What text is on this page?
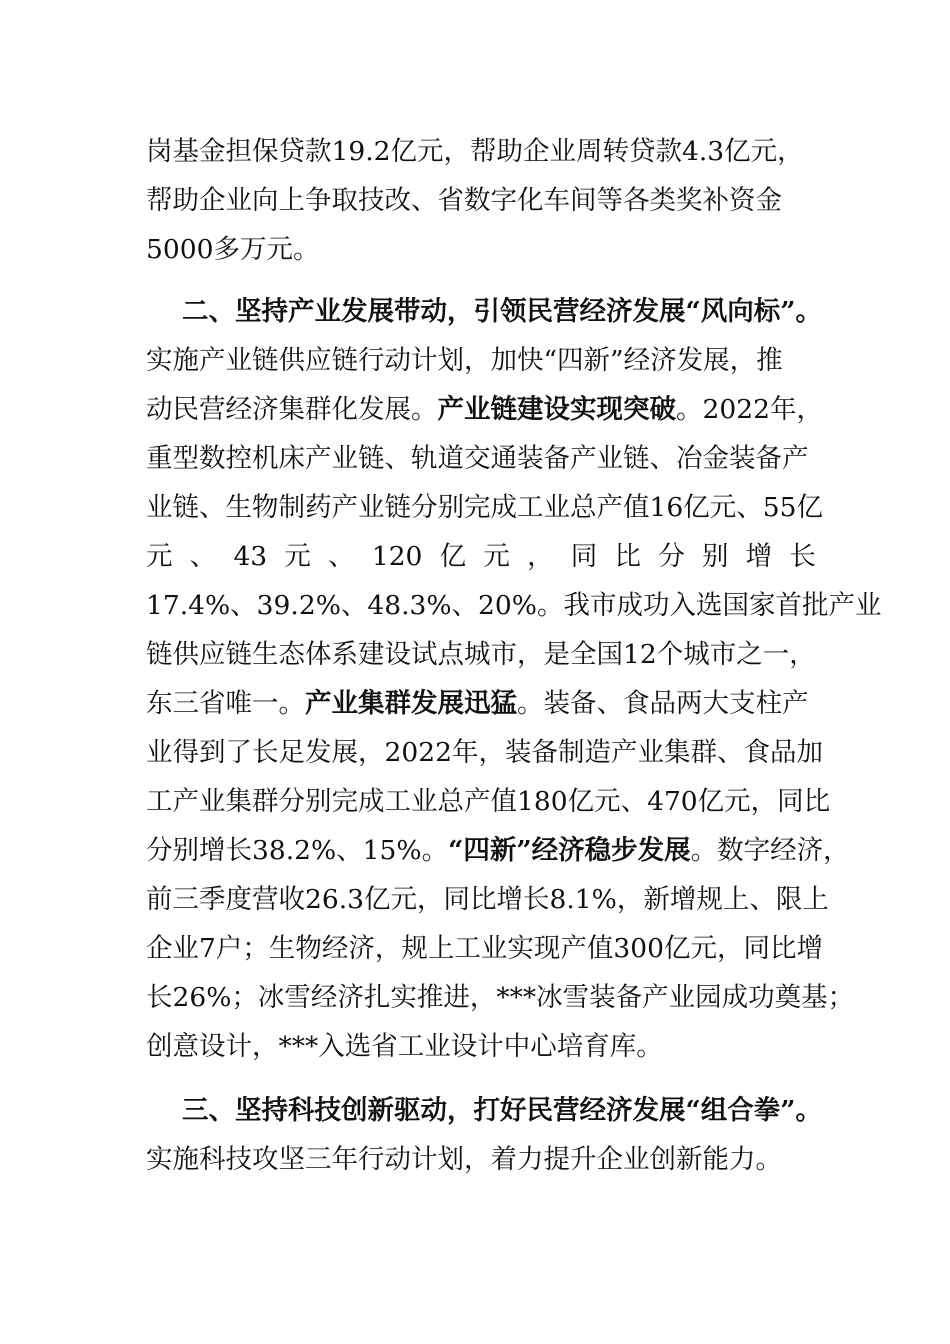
岗基金担保贷款19.2亿元，帮助企业周转贷款4.3亿元，
帮助企业向上争取技改、省数字化车间等各类奖补资金
5000多万元。
二、坚持产业发展带动，引领民营经济发展“风向标”。
实施产业链供应链行动计划，加快“四新”经济发展，推
动民营经济集群化发展。产业链建设实现突破。2022年，
重型数控机床产业链、轨道交通装备产业链、冶金装备产
业链、生物制药产业链分别完成工业总产值16亿元、55亿
元 、 43 元 、 120 亿 元 ， 同 比 分 别 增 长
17.4%、39.2%、48.3%、20%。我市成功入选国家首批产业
链供应链生态体系建设试点城市，是全国12个城市之一，
东三省唯一。产业集群发展迅猛。装备、食品两大支柱产
业得到了长足发展，2022年，装备制造产业集群、食品加
工产业集群分别完成工业总产值180亿元、470亿元，同比
分别增长38.2%、15%。“四新”经济稳步发展。数字经济，
前三季度营收26.3亿元，同比增长8.1%，新增规上、限上
企业7户；生物经济，规上工业实现产值300亿元，同比增
长26%；冰雪经济扎实推进，***冰雪装备产业园成功奠基；
创意设计，***入选省工业设计中心培育库。
三、坚持科技创新驱动，打好民营经济发展“组合拳”。
实施科技攻坚三年行动计划，着力提升企业创新能力。
